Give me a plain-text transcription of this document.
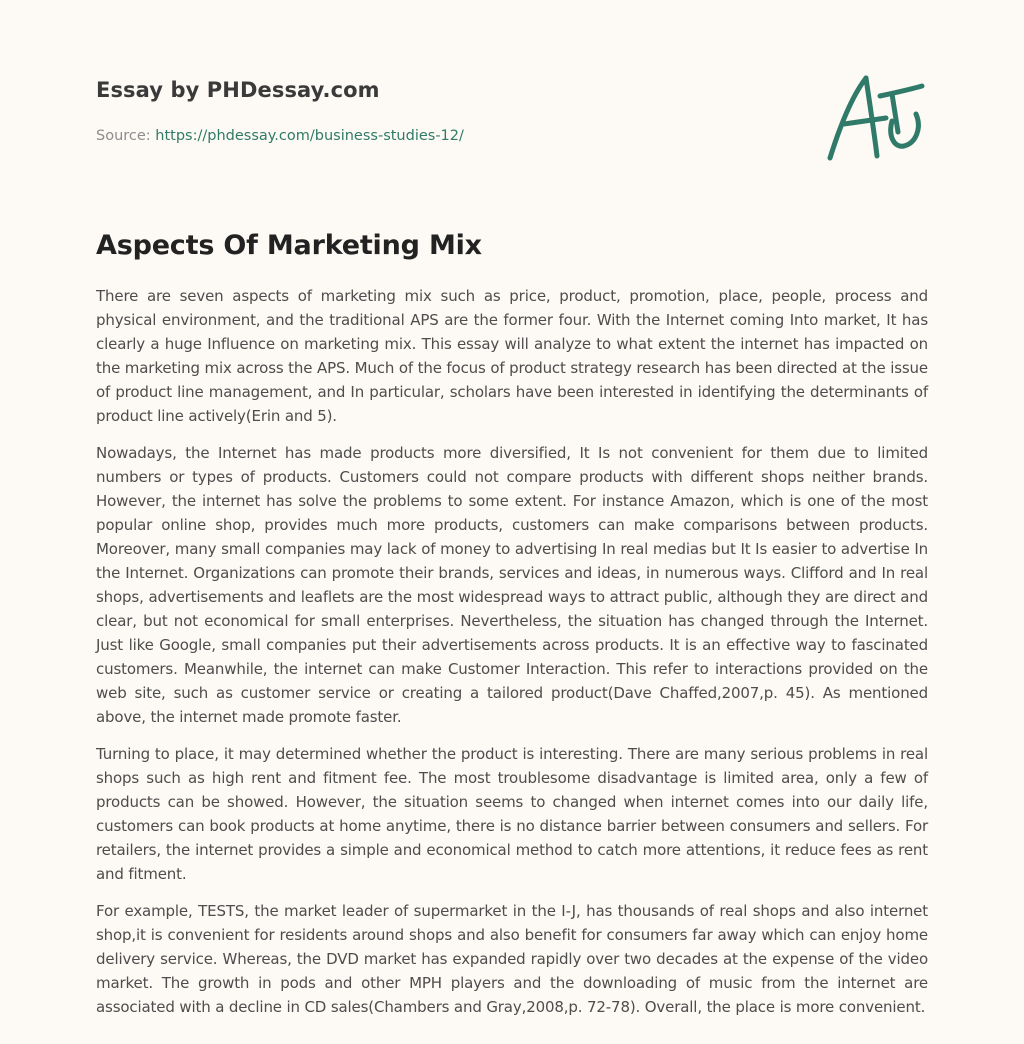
Essay by PHDessay.com
Source: https://phdessay.com/business-studies-12/
Aspects Of Marketing Mix

There are seven aspects of marketing mix such as price, product, promotion, place, people, process and physical environment, and the traditional APS are the former four. With the Internet coming Into market, It has clearly a huge Influence on marketing mix. This essay will analyze to what extent the internet has impacted on the marketing mix across the APS. Much of the focus of product strategy research has been directed at the issue of product line management, and In particular, scholars have been interested in identifying the determinants of product line actively(Erin and 5).

Nowadays, the Internet has made products more diversified, It Is not convenient for them due to limited numbers or types of products. Customers could not compare products with different shops neither brands. However, the internet has solve the problems to some extent. For instance Amazon, which is one of the most popular online shop, provides much more products, customers can make comparisons between products. Moreover, many small companies may lack of money to advertising In real medias but It Is easier to advertise In the Internet. Organizations can promote their brands, services and ideas, in numerous ways. Clifford and In real shops, advertisements and leaflets are the most widespread ways to attract public, although they are direct and clear, but not economical for small enterprises. Nevertheless, the situation has changed through the Internet. Just like Google, small companies put their advertisements across products. It is an effective way to fascinated customers. Meanwhile, the internet can make Customer Interaction. This refer to interactions provided on the web site, such as customer service or creating a tailored product(Dave Chaffed,2007,p. 45). As mentioned above, the internet made promote faster.

Turning to place, it may determined whether the product is interesting. There are many serious problems in real shops such as high rent and fitment fee. The most troublesome disadvantage is limited area, only a few of products can be showed. However, the situation seems to changed when internet comes into our daily life, customers can book products at home anytime, there is no distance barrier between consumers and sellers. For retailers, the internet provides a simple and economical method to catch more attentions, it reduce fees as rent and fitment.

For example, TESTS, the market leader of supermarket in the I-J, has thousands of real shops and also internet shop,it is convenient for residents around shops and also benefit for consumers far away which can enjoy home delivery service. Whereas, the DVD market has expanded rapidly over two decades at the expense of the video market. The growth in pods and other MPH players and the downloading of music from the internet are associated with a decline in CD sales(Chambers and Gray,2008,p. 72-78). Overall, the place is more convenient.
